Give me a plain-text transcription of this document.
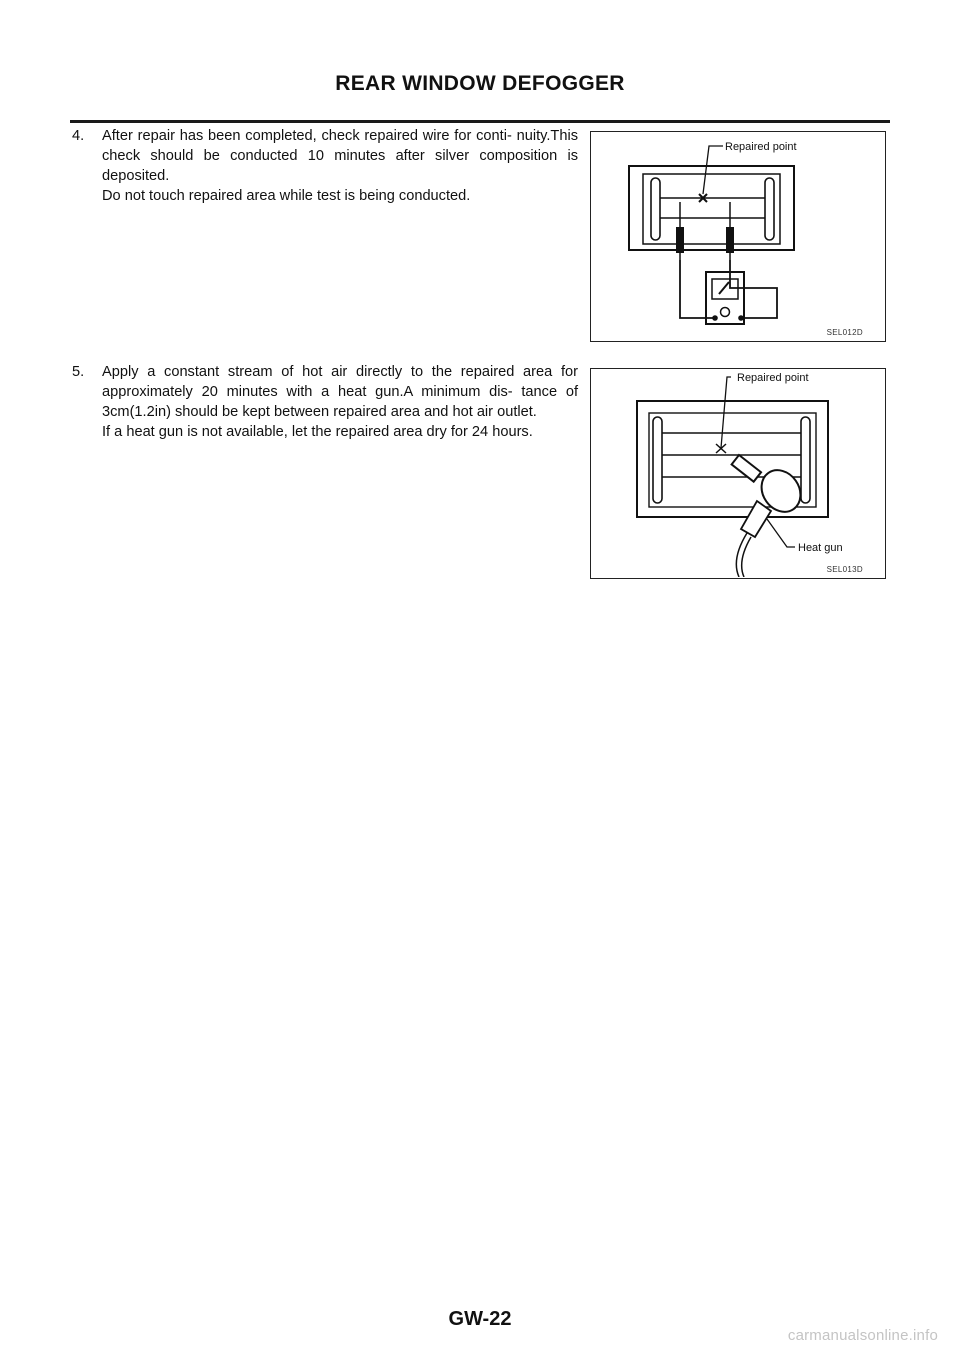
REAR WINDOW DEFOGGER
4. After repair has been completed, check repaired wire for conti- nuity.This check should be conducted 10 minutes after silver composition is deposited.

Do not touch repaired area while test is being conducted.

Repaired point
SEL012D
5. Apply a constant stream of hot air directly to the repaired area for approximately 20 minutes with a heat gun.A minimum dis- tance of 3cm(1.2in) should be kept between repaired area and hot air outlet.

If a heat gun is not available, let the repaired area dry for 24 hours.

Repaired point
Heat gun
SEL013D
GW-22
carmanualsonline.info
